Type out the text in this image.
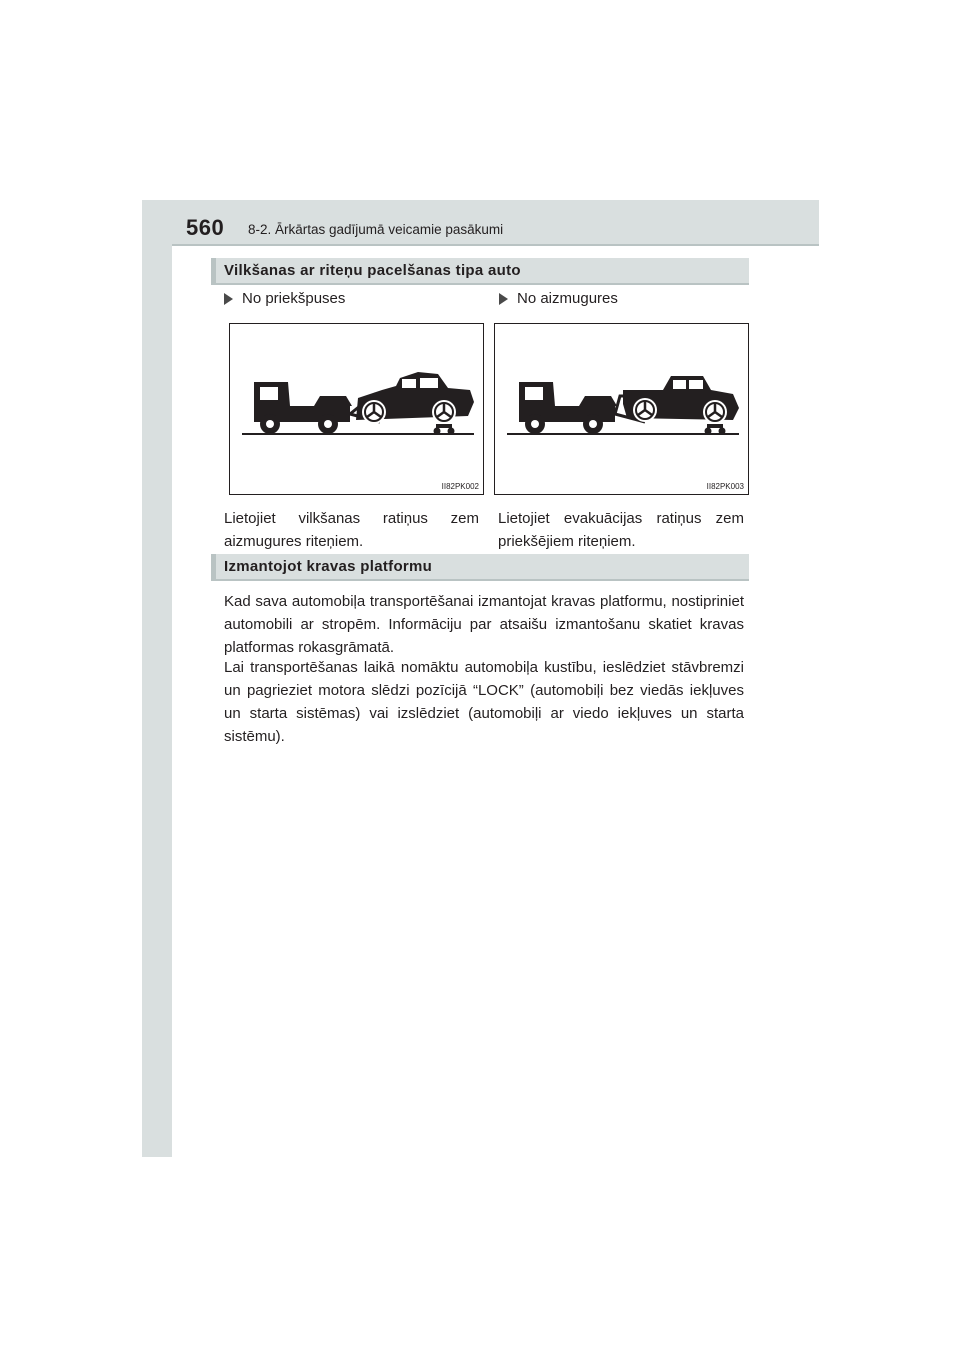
560 8-2. Ārkārtas gadījumā veicamie pasākumi
Vilkšanas ar riteņu pacelšanas tipa auto
No priekšpuses	No aizmugures
II82PK002	II82PK003
Lietojiet vilkšanas ratiņus zem aizmugures riteņiem.
Lietojiet evakuācijas ratiņus zem priekšējiem riteņiem.
Izmantojot kravas platformu
Kad sava automobiļa transportēšanai izmantojat kravas platformu, nostipriniet automobili ar stropēm. Informāciju par atsaišu izmantošanu skatiet kravas platformas rokasgrāmatā.
Lai transportēšanas laikā nomāktu automobiļa kustību, ieslēdziet stāvbremzi un pagrieziet motora slēdzi pozīcijā “LOCK” (automobiļi bez viedās iekļuves un starta sistēmas) vai izslēdziet (automobiļi ar viedo iekļuves un starta sistēmu).
